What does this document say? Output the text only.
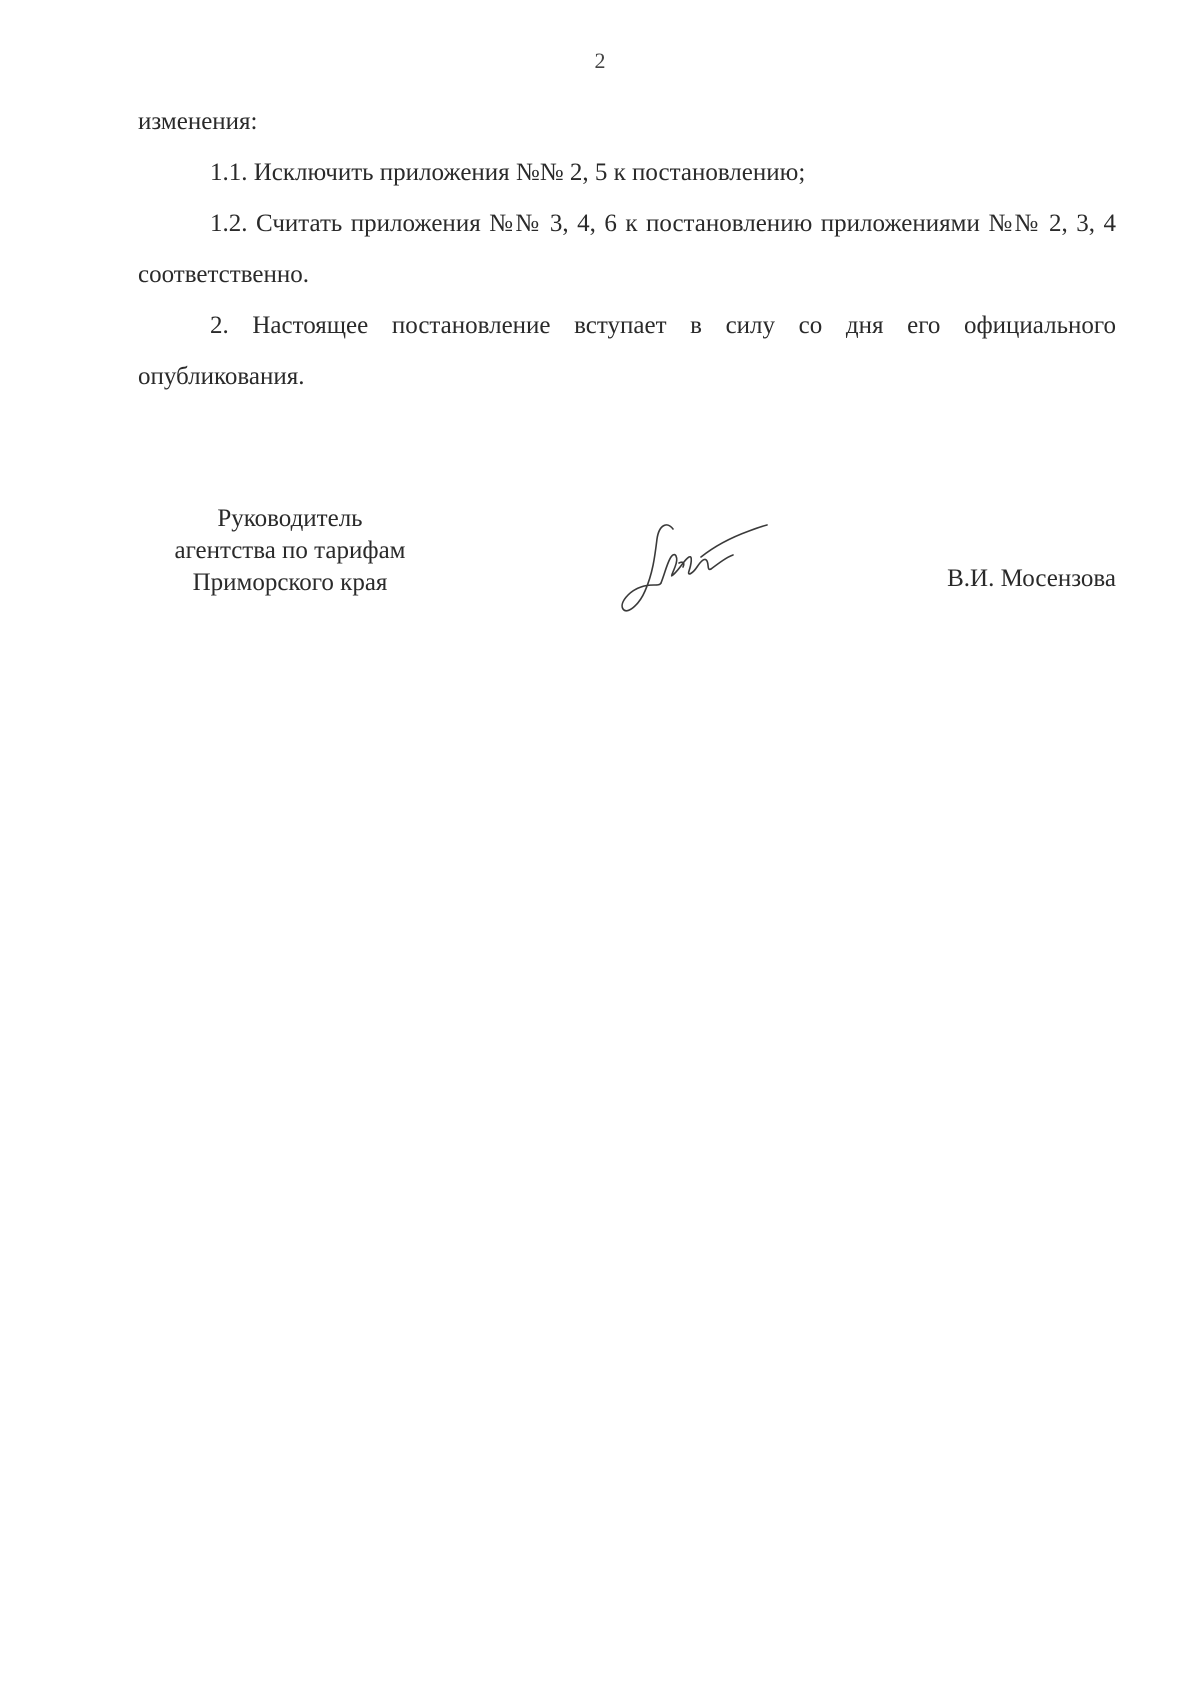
2

изменения:

1.1. Исключить приложения №№ 2, 5 к постановлению;

1.2. Считать приложения №№ 3, 4, 6 к постановлению приложениями №№ 2, 3, 4 соответственно.

2. Настоящее постановление вступает в силу со дня его официального опубликования.

Руководитель
агентства по тарифам
Приморского края	В.И. Мосензова
